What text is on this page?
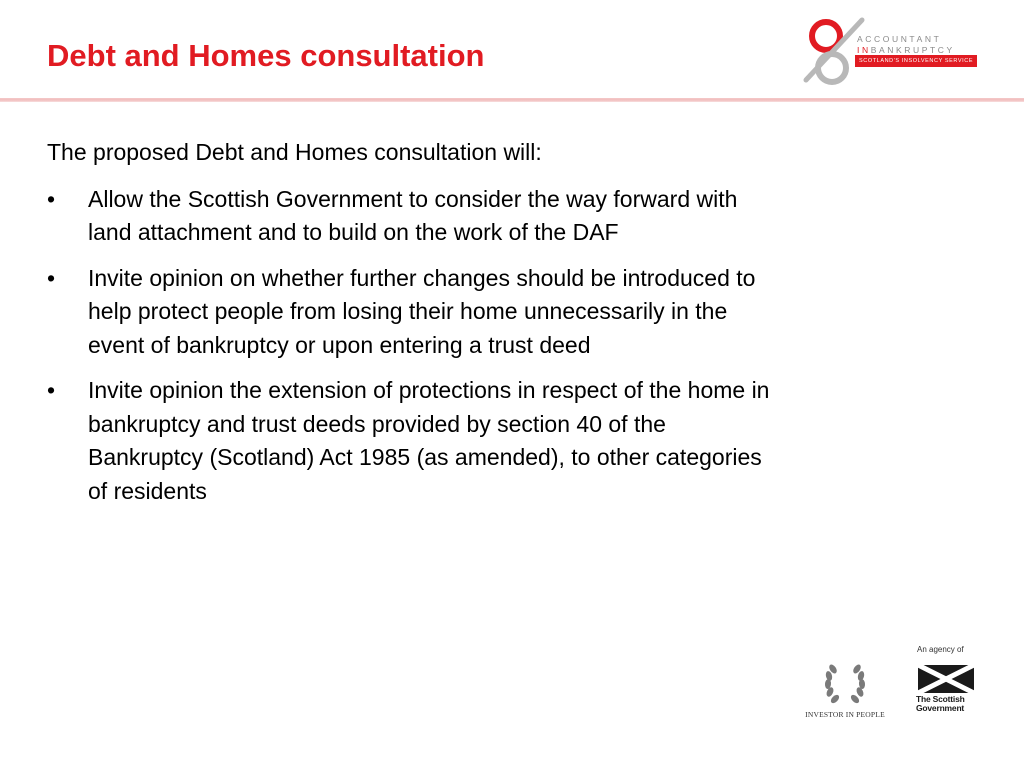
Debt and Homes consultation	ACCOUNTANT
INBANKRUPTCY
SCOTLAND'S INSOLVENCY SERVICE

The proposed Debt and Homes consultation will:

• Allow the Scottish Government to consider the way forward with land attachment and to build on the work of the DAF
• Invite opinion on whether further changes should be introduced to help protect people from losing their home unnecessarily in the event of bankruptcy or upon entering a trust deed
• Invite opinion the extension of protections in respect of the home in bankruptcy and trust deeds provided by section 40 of the Bankruptcy (Scotland) Act 1985 (as amended), to other categories of residents
INVESTOR IN PEOPLE
An agency of
The Scottish
Government
